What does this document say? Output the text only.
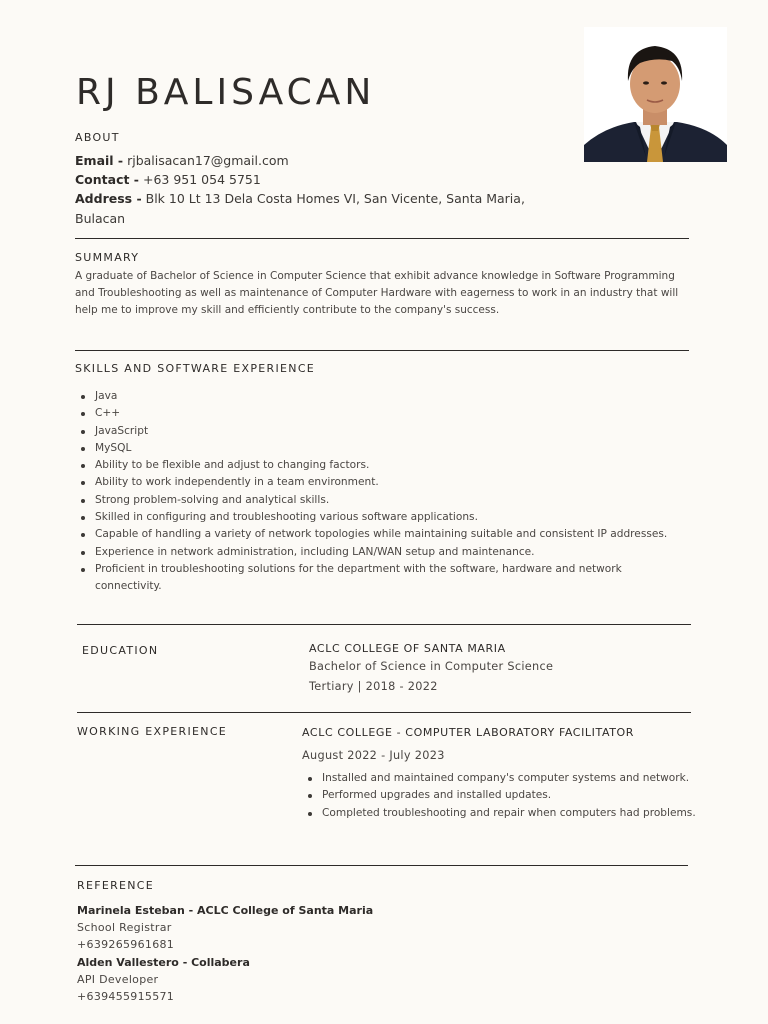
RJ BALISACAN
ABOUT
Email - rjbalisacan17@gmail.com
Contact - +63 951 054 5751
Address - Blk 10 Lt 13 Dela Costa Homes VI, San Vicente, Santa Maria,
Bulacan
SUMMARY
A graduate of Bachelor of Science in Computer Science that exhibit advance knowledge in Software Programming and Troubleshooting as well as maintenance of Computer Hardware with eagerness to work in an industry that will help me to improve my skill and efficiently contribute to the company's success.
SKILLS AND SOFTWARE EXPERIENCE
Java
C++
JavaScript
MySQL
Ability to be flexible and adjust to changing factors.
Ability to work independently in a team environment.
Strong problem-solving and analytical skills.
Skilled in configuring and troubleshooting various software applications.
Capable of handling a variety of network topologies while maintaining suitable and consistent IP addresses.
Experience in network administration, including LAN/WAN setup and maintenance.
Proficient in troubleshooting solutions for the department with the software, hardware and network connectivity.
EDUCATION	ACLC COLLEGE OF SANTA MARIA
Bachelor of Science in Computer Science
Tertiary | 2018 - 2022
WORKING EXPERIENCE	ACLC COLLEGE - COMPUTER LABORATORY FACILITATOR
August 2022 - July 2023
Installed and maintained company's computer systems and network.
Performed upgrades and installed updates.
Completed troubleshooting and repair when computers had problems.
REFERENCE
Marinela Esteban - ACLC College of Santa Maria
School Registrar
+639265961681
Alden Vallestero - Collabera
API Developer
+639455915571
